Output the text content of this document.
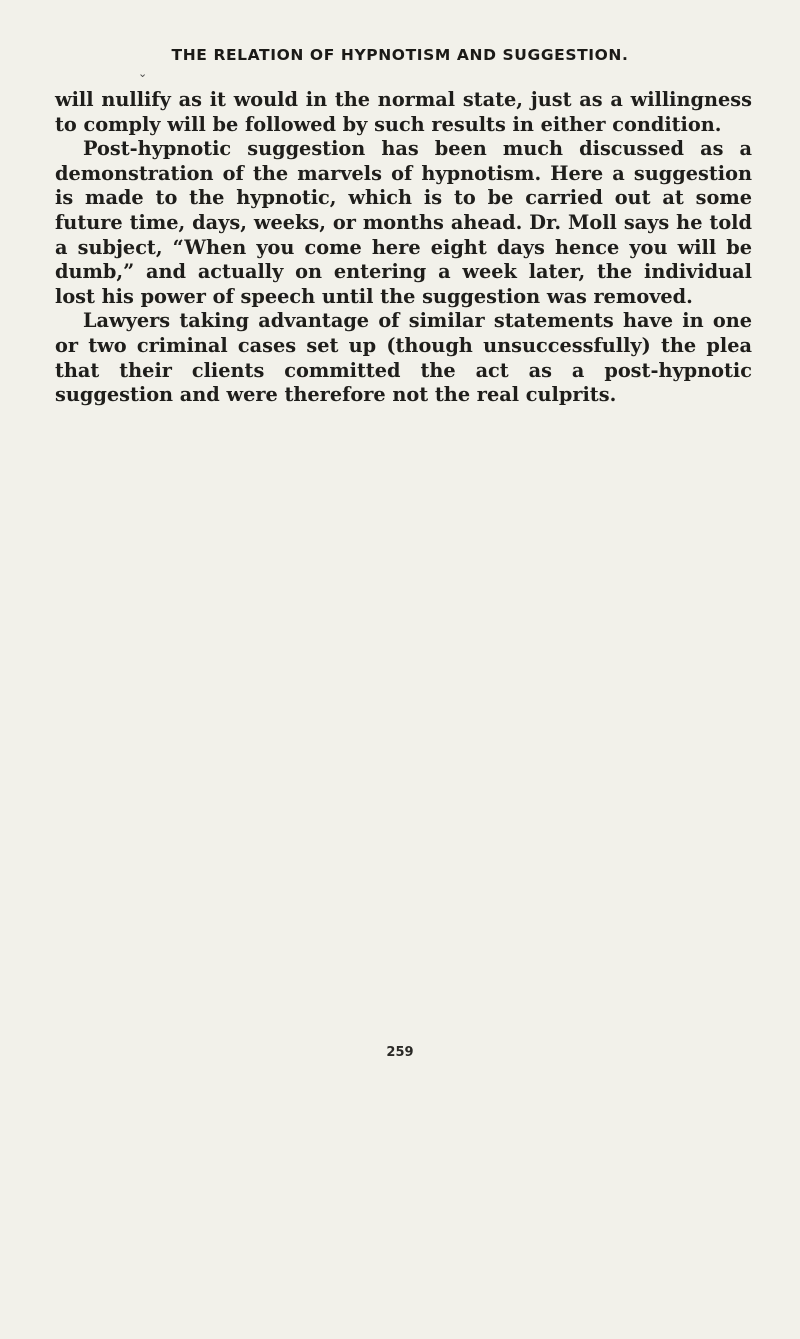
THE RELATION OF HYPNOTISM AND SUGGESTION.
⌄

will nullify as it would in the normal state, just as a willingness to comply will be followed by such results in either condition.

Post-hypnotic suggestion has been much discussed as a demonstration of the marvels of hypnotism. Here a suggestion is made to the hypnotic, which is to be carried out at some future time, days, weeks, or months ahead. Dr. Moll says he told a subject, “When you come here eight days hence you will be dumb,” and actually on entering a week later, the individual lost his power of speech until the suggestion was removed.

Lawyers taking advantage of similar statements have in one or two criminal cases set up (though unsuccessfully) the plea that their clients committed the act as a post-hypnotic suggestion and were therefore not the real culprits.

259
